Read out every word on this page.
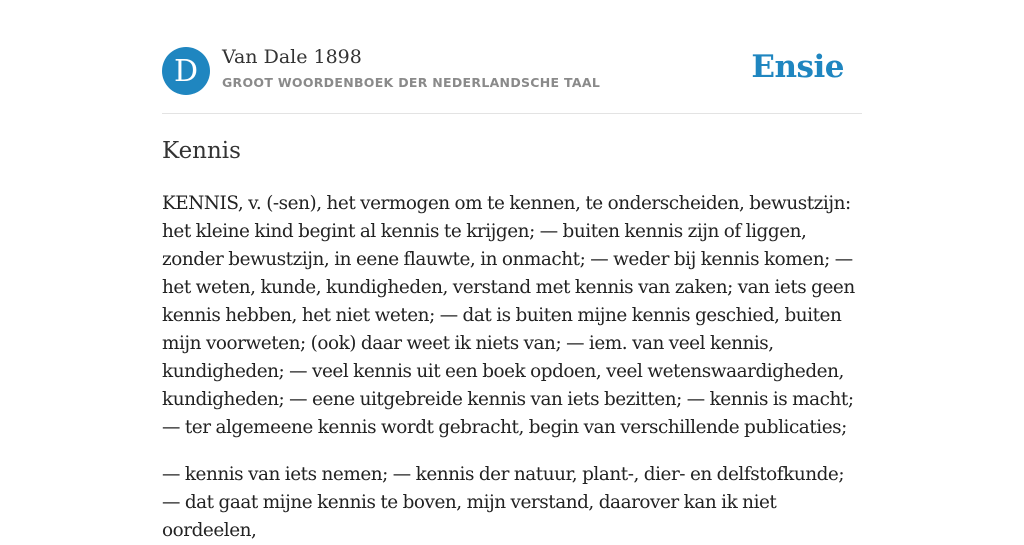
D	Van Dale 1898
GROOT WOORDENBOEK DER NEDERLANDSCHE TAAL	Ensie
Kennis

KENNIS, v. (-sen), het vermogen om te kennen, te onderscheiden, bewustzijn: het kleine kind begint al kennis te krijgen; — buiten kennis zijn of liggen, zonder bewustzijn, in eene flauwte, in onmacht; — weder bij kennis komen; — het weten, kunde, kundigheden, verstand met kennis van zaken; van iets geen kennis hebben, het niet weten; — dat is buiten mijne kennis geschied, buiten mijn voorweten; (ook) daar weet ik niets van; — iem. van veel kennis, kundigheden; — veel kennis uit een boek opdoen, veel wetenswaardigheden, kundigheden; — eene uitgebreide kennis van iets bezitten; — kennis is macht; — ter algemeene kennis wordt gebracht, begin van verschillende publicaties;

— kennis van iets nemen; — kennis der natuur, plant-, dier- en delfstofkunde; — dat gaat mijne kennis te boven, mijn verstand, daarover kan ik niet oordeelen,
